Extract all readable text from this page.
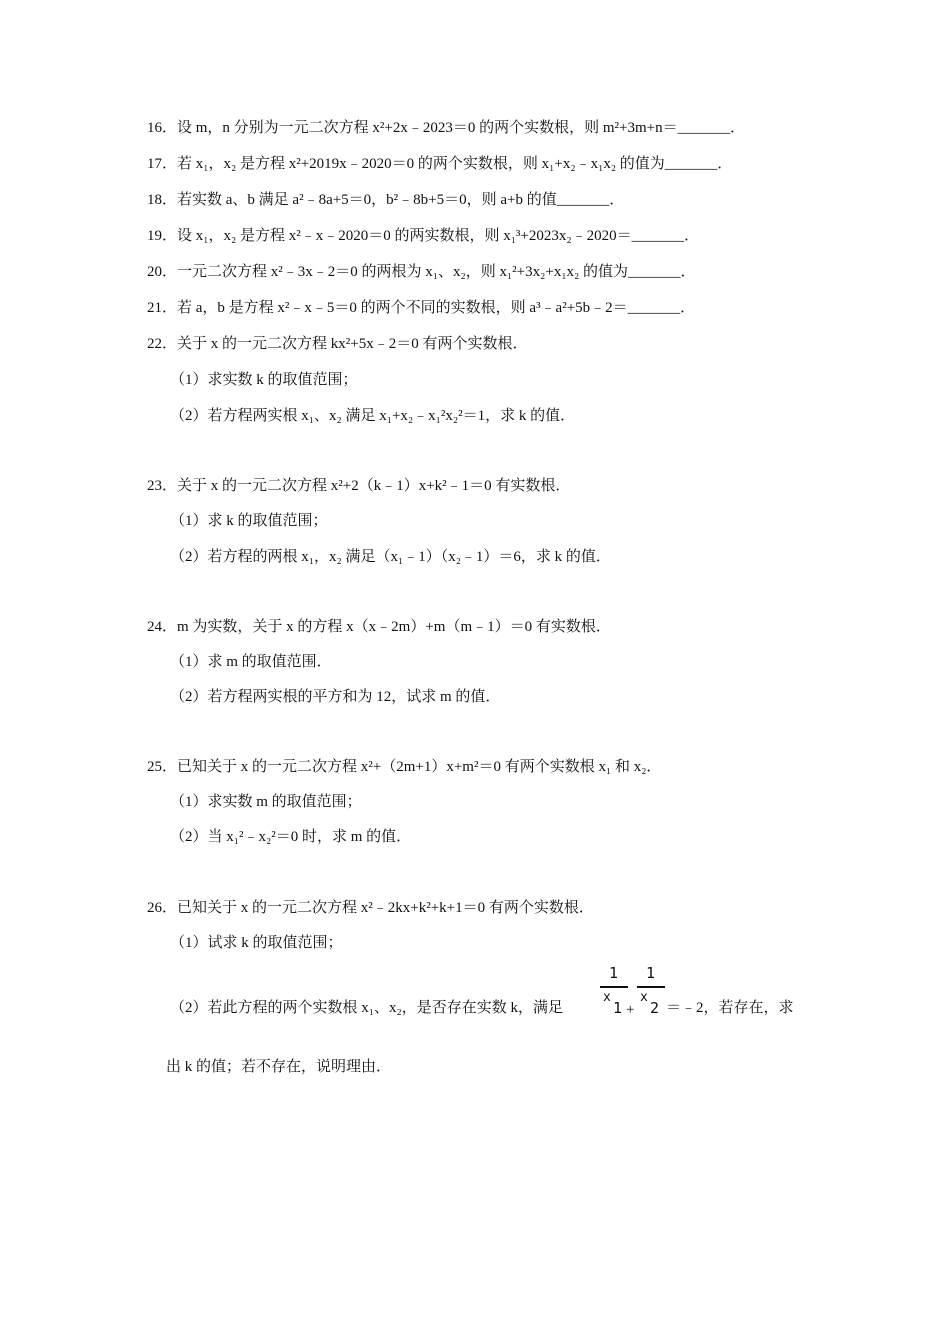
16．设 m，n 分别为一元二次方程 x²+2x﹣2023＝0 的两个实数根，则 m²+3m+n＝_______．
17．若 x₁，x₂ 是方程 x²+2019x﹣2020＝0 的两个实数根，则 x₁+x₂﹣x₁x₂ 的值为_______．
18．若实数 a、b 满足 a²﹣8a+5＝0，b²﹣8b+5＝0，则 a+b 的值_______．
19．设 x₁，x₂ 是方程 x²﹣x﹣2020＝0 的两实数根，则 x₁³+2023x₂﹣2020＝_______．
20．一元二次方程 x²﹣3x﹣2＝0 的两根为 x₁、x₂，则 x₁²+3x₂+x₁x₂ 的值为_______．
21．若 a，b 是方程 x²﹣x﹣5＝0 的两个不同的实数根，则 a³﹣a²+5b﹣2＝_______．
22．关于 x 的一元二次方程 kx²+5x﹣2＝0 有两个实数根．
（1）求实数 k 的取值范围；
（2）若方程两实根 x₁、x₂ 满足 x₁+x₂﹣x₁²x₂²＝1，求 k 的值．
23．关于 x 的一元二次方程 x²+2（k﹣1）x+k²﹣1＝0 有实数根．
（1）求 k 的取值范围；
（2）若方程的两根 x₁，x₂ 满足（x₁﹣1）（x₂﹣1）＝6，求 k 的值．
24．m 为实数，关于 x 的方程 x（x﹣2m）+m（m﹣1）＝0 有实数根．
（1）求 m 的取值范围．
（2）若方程两实根的平方和为 12，试求 m 的值．
25．已知关于 x 的一元二次方程 x²+（2m+1）x+m²＝0 有两个实数根 x₁ 和 x₂．
（1）求实数 m 的取值范围；
（2）当 x₁²﹣x₂²＝0 时，求 m 的值．
26．已知关于 x 的一元二次方程 x²﹣2kx+k²+k+1＝0 有两个实数根．
（1）试求 k 的取值范围；
（2）若此方程的两个实数根 x₁、x₂，是否存在实数 k，满足
1
x
1 +
1
x
2 ＝﹣2，若存在，求
出 k 的值；若不存在，说明理由．
